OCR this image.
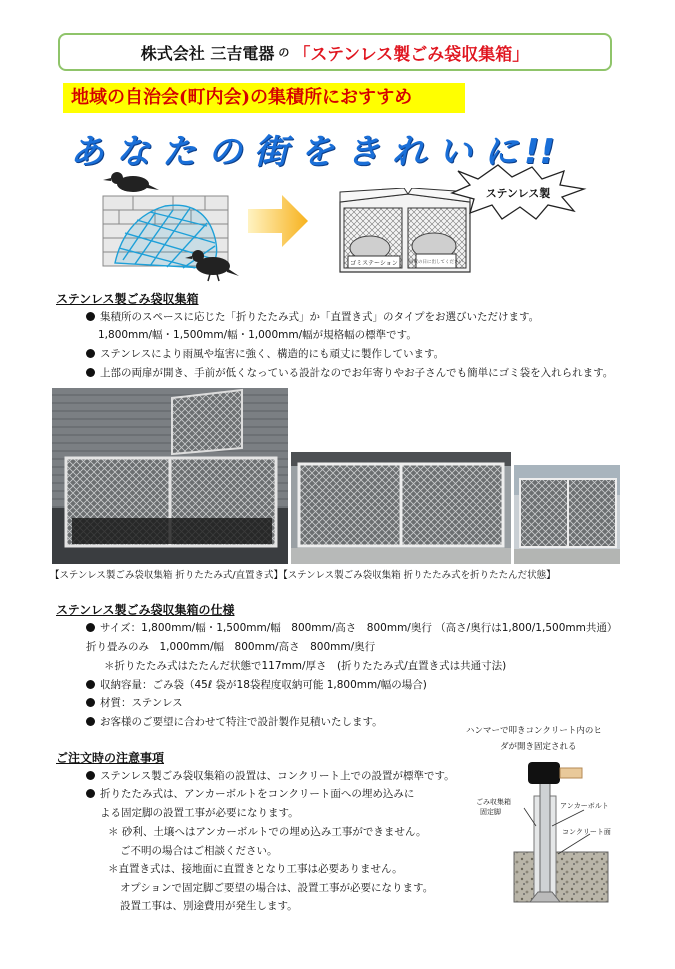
株式会社 三吉電器 の 「ステンレス製ごみ袋収集箱」
地域の自治会(町内会)の集積所におすすめ
あなたの街をきれいに!!
ゴミステーション 回収の日に出してください
ステンレス製
ステンレス製ごみ袋収集箱
集積所のスペースに応じた「折りたたみ式」か「直置き式」のタイプをお選びいただけます。
1,800mm/幅・1,500mm/幅・1,000mm/幅が規格幅の標準です。
ステンレスにより雨風や塩害に強く、構造的にも頑丈に製作しています。
上部の両扉が開き、手前が低くなっている設計なのでお年寄りやお子さんでも簡単にゴミ袋を入れられます。
【ステンレス製ごみ袋収集箱 折りたたみ式/直置き式】【ステンレス製ごみ袋収集箱 折りたたみ式を折りたたんだ状態】
ステンレス製ごみ袋収集箱の仕様
サイズ：1,800mm/幅・1,500mm/幅　800mm/高さ　800mm/奥行 （高さ/奥行は1,800/1,500mm共通）
折り畳みのみ　1,000mm/幅　800mm/高さ　800mm/奥行
＊折りたたみ式はたたんだ状態で117mm/厚さ　(折りたたみ式/直置き式は共通寸法)
収納容量：ごみ袋（45ℓ 袋が18袋程度収納可能 1,800mm/幅の場合)
材質：ステンレス
お客様のご要望に合わせて特注で設計製作見積いたします。
ご注文時の注意事項
ステンレス製ごみ袋収集箱の設置は、コンクリート上での設置が標準です。
折りたたみ式は、アンカーボルトをコンクリート面への埋め込みに
よる固定脚の設置工事が必要になります。
＊ 砂利、土壌へはアンカーボルトでの埋め込み工事ができません。
ご不明の場合はご相談ください。
＊直置き式は、接地面に直置きとなり工事は必要ありません。
オプションで固定脚ご要望の場合は、設置工事が必要になります。
設置工事は、別途費用が発生します。
ハンマーで叩きコンクリート内のヒ
ダが開き固定される
ごみ収集箱
固定脚
アンカーボルト
コンクリート面
